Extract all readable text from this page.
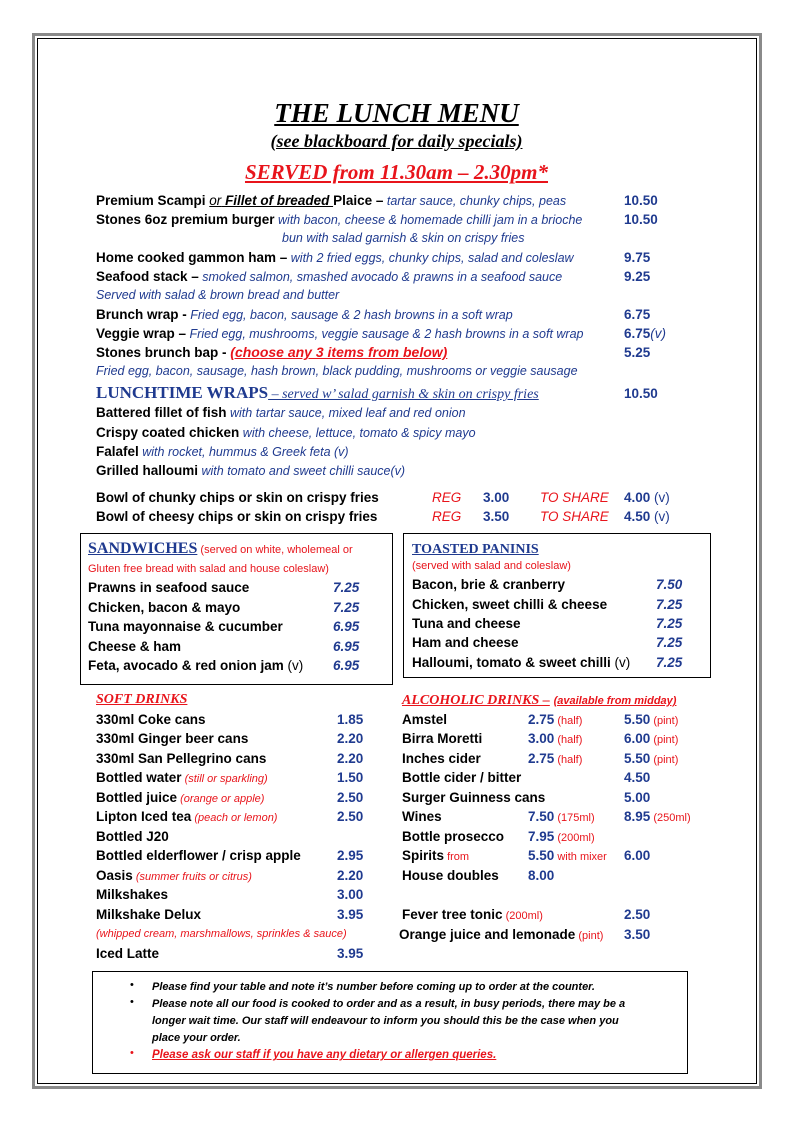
THE LUNCH MENU
(see blackboard for daily specials)
SERVED from 11.30am – 2.30pm*
Premium Scampi or Fillet of breaded Plaice – tartar sauce, chunky chips, peas	10.50
Stones 6oz premium burger with bacon, cheese & homemade chilli jam in a brioche	10.50
bun with salad garnish & skin on crispy fries
Home cooked gammon ham – with 2 fried eggs, chunky chips, salad and coleslaw	9.75
Seafood stack – smoked salmon, smashed avocado & prawns in a seafood sauce	9.25
Served with salad & brown bread and butter
Brunch wrap - Fried egg, bacon, sausage & 2 hash browns in a soft wrap	6.75
Veggie wrap – Fried egg, mushrooms, veggie sausage & 2 hash browns in a soft wrap	6.75(v)
Stones brunch bap - (choose any 3 items from below)	5.25
Fried egg, bacon, sausage, hash brown, black pudding, mushrooms or veggie sausage
LUNCHTIME WRAPS – served w’ salad garnish & skin on crispy fries	10.50
Battered fillet of fish with tartar sauce, mixed leaf and red onion
Crispy coated chicken with cheese, lettuce, tomato & spicy mayo
Falafel with rocket, hummus & Greek feta (v)
Grilled halloumi with tomato and sweet chilli sauce(v)
Bowl of chunky chips or skin on crispy fries	REG 3.00 TO SHARE 4.00 (v)
Bowl of cheesy chips or skin on crispy fries	REG 3.50 TO SHARE 4.50 (v)
SANDWICHES (served on white, wholemeal or
Gluten free bread with salad and house coleslaw)
Prawns in seafood sauce	7.25
Chicken, bacon & mayo	7.25
Tuna mayonnaise & cucumber	6.95
Cheese & ham	6.95
Feta, avocado & red onion jam (v) 6.95
TOASTED PANINIS
(served with salad and coleslaw)
Bacon, brie & cranberry	7.50
Chicken, sweet chilli & cheese	7.25
Tuna and cheese	7.25
Ham and cheese	7.25
Halloumi, tomato & sweet chilli (v) 7.25
SOFT DRINKS
330ml Coke cans	1.85
330ml Ginger beer cans	2.20
330ml San Pellegrino cans	2.20
Bottled water (still or sparkling)	1.50
Bottled juice (orange or apple)	2.50
Lipton Iced tea (peach or lemon)	2.50
Bottled J20
Bottled elderflower / crisp apple	2.95
Oasis (summer fruits or citrus)	2.20
Milkshakes	3.00
Milkshake Delux	3.95
(whipped cream, marshmallows, sprinkles & sauce)
Iced Latte	3.95
ALCOHOLIC DRINKS – (available from midday)
Amstel	2.75 (half)	5.50 (pint)
Birra Moretti	3.00 (half)	6.00 (pint)
Inches cider	2.75 (half)	5.50 (pint)
Bottle cider / bitter	4.50
Surger Guinness cans	5.00
Wines	7.50 (175ml) 8.95 (250ml)
Bottle prosecco 7.95 (200ml)
Spirits from	5.50 with mixer 6.00
House doubles 8.00
Fever tree tonic (200ml)	2.50
Orange juice and lemonade (pint) 3.50
• Please find your table and note it’s number before coming up to order at the counter.
• Please note all our food is cooked to order and as a result, in busy periods, there may be a
longer wait time. Our staff will endeavour to inform you should this be the case when you
place your order.
• Please ask our staff if you have any dietary or allergen queries.
